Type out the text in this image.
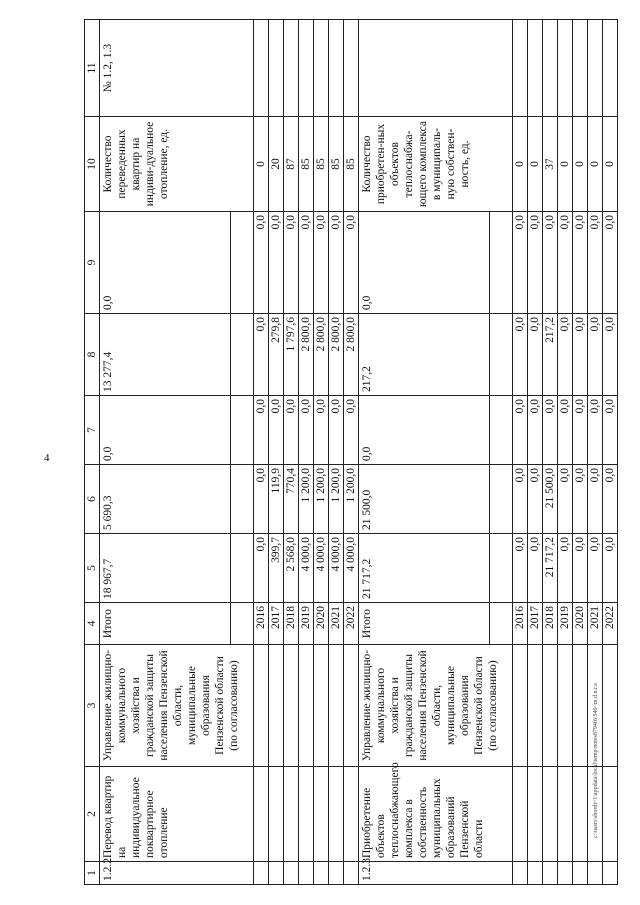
4
c:\users\sbordi~1\appdata\local\temp\notes8794f6\546~m.d.n.r.a
1	2	3	4	5	6	7	8	9	10	11
1.2.2.	Перевод квартир на индивидуальное поквартирное отопление	Управление жилищно-коммунального хозяйства и гражданской защиты населения Пензенской области, муниципальные образования Пензенской области (по согласованию)	Итого	18 967,7	5 690,3	0,0	13 277,4	0,0	Количество переведенных квартир на индиви-дуальное отопление, ед.	№ 1.2, 1.3

			2016	0,0	0,0	0,0	0,0	0,0	0	
			2017	399,7	119,9	0,0	279,8	0,0	20	
			2018	2 568,0	770,4	0,0	1 797,6	0,0	87	
			2019	4 000,0	1 200,0	0,0	2 800,0	0,0	85	
			2020	4 000,0	1 200,0	0,0	2 800,0	0,0	85	
			2021	4 000,0	1 200,0	0,0	2 800,0	0,0	85	
			2022	4 000,0	1 200,0	0,0	2 800,0	0,0	85	
1.2.3.	Приобретение объектов теплоснабжающего комплекса в собственность муниципальных образований Пензенской области	Управление жилищно-коммунального хозяйства и гражданской защиты населения Пензенской области, муниципальные образования Пензенской области (по согласованию)	Итого	21 717,2	21 500,0	0,0	217,2	0,0	Количество приобретен-ных объектов теплоснабжа-ющего комплекса в муниципаль-ную собствен-ность, ед.	

			2016	0,0	0,0	0,0	0,0	0,0	0	
			2017	0,0	0,0	0,0	0,0	0,0	0	
			2018	21 717,2	21 500,0	0,0	217,2	0,0	37	
			2019	0,0	0,0	0,0	0,0	0,0	0	
			2020	0,0	0,0	0,0	0,0	0,0	0	
			2021	0,0	0,0	0,0	0,0	0,0	0	
			2022	0,0	0,0	0,0	0,0	0,0	0	
